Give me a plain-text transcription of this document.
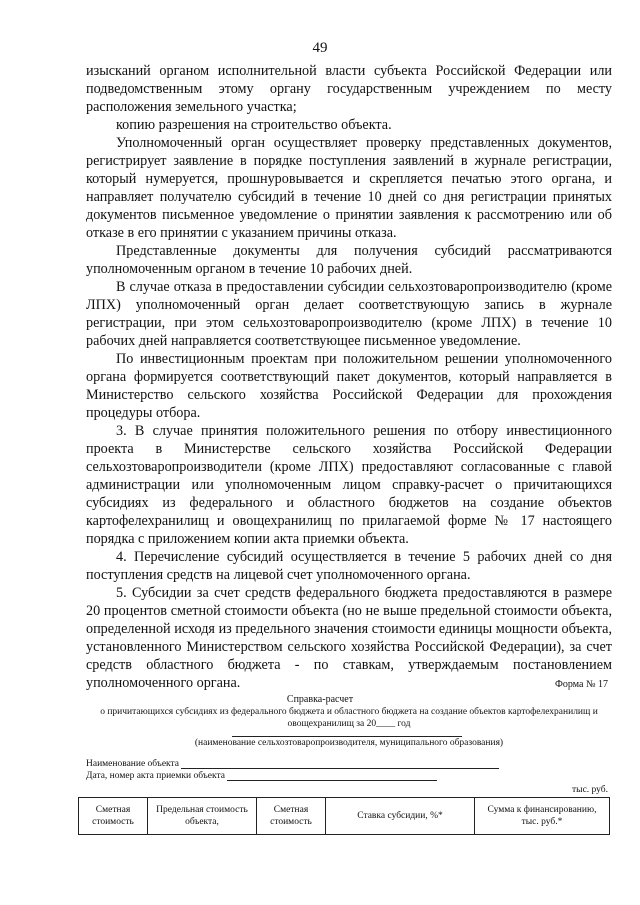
49

изысканий органом исполнительной власти субъекта Российской Федерации или подведомственным этому органу государственным учреждением по месту расположения земельного участка;

копию разрешения на строительство объекта.

Уполномоченный орган осуществляет проверку представленных документов, регистрирует заявление в порядке поступления заявлений в журнале регистрации, который нумеруется, прошнуровывается и скрепляется печатью этого органа, и направляет получателю субсидий в течение 10 дней со дня регистрации принятых документов письменное уведомление о принятии заявления к рассмотрению или об отказе в его принятии с указанием причины отказа.

Представленные документы для получения субсидий рассматриваются уполномоченным органом в течение 10 рабочих дней.

В случае отказа в предоставлении субсидии сельхозтоваропроизводителю (кроме ЛПХ) уполномоченный орган делает соответствующую запись в журнале регистрации, при этом сельхозтоваропроизводителю (кроме ЛПХ) в течение 10 рабочих дней направляется соответствующее письменное уведомление.

По инвестиционным проектам при положительном решении уполномоченного органа формируется соответствующий пакет документов, который направляется в Министерство сельского хозяйства Российской Федерации для прохождения процедуры отбора.

3. В случае принятия положительного решения по отбору инвестиционного проекта в Министерстве сельского хозяйства Российской Федерации сельхозтоваропроизводители (кроме ЛПХ) предоставляют согласованные с главой администрации или уполномоченным лицом справку-расчет о причитающихся субсидиях из федерального и областного бюджетов на создание объектов картофелехранилищ и овощехранилищ по прилагаемой форме № 17 настоящего порядка с приложением копии акта приемки объекта.

4. Перечисление субсидий осуществляется в течение 5 рабочих дней со дня поступления средств на лицевой счет уполномоченного органа.

5. Субсидии за счет средств федерального бюджета предоставляются в размере 20 процентов сметной стоимости объекта (но не выше предельной стоимости объекта, определенной исходя из предельного значения стоимости единицы мощности объекта, установленного Министерством сельского хозяйства Российской Федерации), за счет средств областного бюджета - по ставкам, утверждаемым постановлением уполномоченного органа.	Форма № 17
Справка-расчет
о причитающихся субсидиях из федерального бюджета и областного бюджета на создание объектов картофелехранилищ и овощехранилищ за 20____ год
(наименование сельхозтоваропроизводителя, муниципального образования)
Наименование объекта
Дата, номер акта приемки объекта
тыс. руб.
Сметная стоимость	Предельная стоимость объекта,	Сметная стоимость	Ставка субсидии, %*	Сумма к финансированию, тыс. руб.*
